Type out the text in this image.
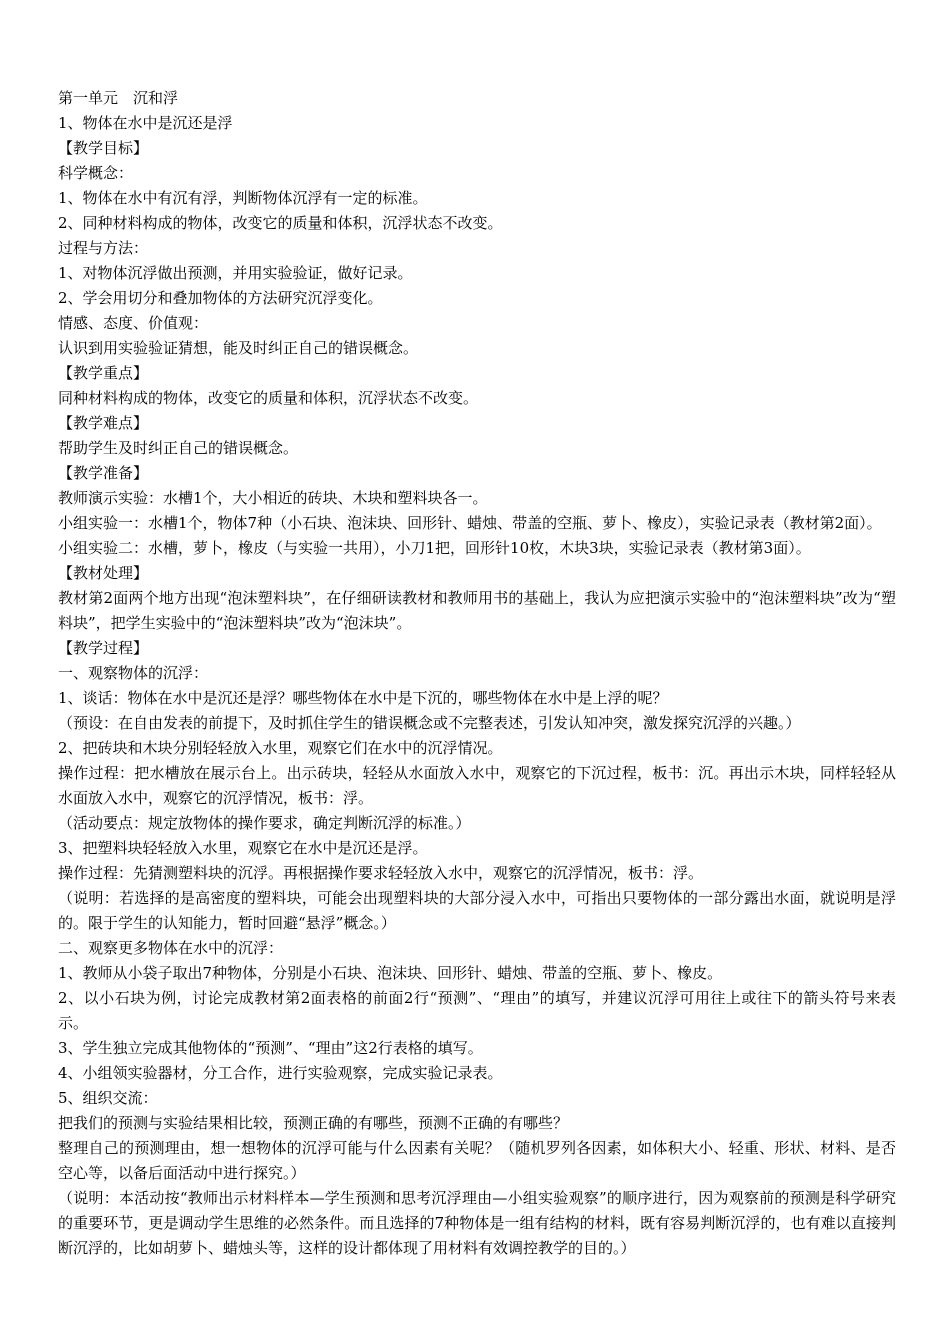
第一单元　沉和浮
1、物体在水中是沉还是浮
【教学目标】
科学概念：
1、物体在水中有沉有浮，判断物体沉浮有一定的标准。
2、同种材料构成的物体，改变它的质量和体积，沉浮状态不改变。
过程与方法：
1、对物体沉浮做出预测，并用实验验证，做好记录。
2、学会用切分和叠加物体的方法研究沉浮变化。
情感、态度、价值观：
认识到用实验验证猜想，能及时纠正自己的错误概念。
【教学重点】
同种材料构成的物体，改变它的质量和体积，沉浮状态不改变。
【教学难点】
帮助学生及时纠正自己的错误概念。
【教学准备】
教师演示实验：水槽1个，大小相近的砖块、木块和塑料块各一。
小组实验一：水槽1个，物体7种（小石块、泡沫块、回形针、蜡烛、带盖的空瓶、萝卜、橡皮），实验记录表（教材第2面）。
小组实验二：水槽，萝卜，橡皮（与实验一共用），小刀1把，回形针10枚，木块3块，实验记录表（教材第3面）。
【教材处理】
教材第2面两个地方出现“泡沫塑料块”，在仔细研读教材和教师用书的基础上，我认为应把演示实验中的“泡沫塑料块”改为“塑料块”，把学生实验中的“泡沫塑料块”改为“泡沫块”。
【教学过程】
一、观察物体的沉浮：
1、谈话：物体在水中是沉还是浮？哪些物体在水中是下沉的，哪些物体在水中是上浮的呢？
（预设：在自由发表的前提下，及时抓住学生的错误概念或不完整表述，引发认知冲突，激发探究沉浮的兴趣。）
2、把砖块和木块分别轻轻放入水里，观察它们在水中的沉浮情况。
操作过程：把水槽放在展示台上。出示砖块，轻轻从水面放入水中，观察它的下沉过程，板书：沉。再出示木块，同样轻轻从水面放入水中，观察它的沉浮情况，板书：浮。
（活动要点：规定放物体的操作要求，确定判断沉浮的标准。）
3、把塑料块轻轻放入水里，观察它在水中是沉还是浮。
操作过程：先猜测塑料块的沉浮。再根据操作要求轻轻放入水中，观察它的沉浮情况，板书：浮。
（说明：若选择的是高密度的塑料块，可能会出现塑料块的大部分浸入水中，可指出只要物体的一部分露出水面，就说明是浮的。限于学生的认知能力，暂时回避“悬浮”概念。）
二、观察更多物体在水中的沉浮：
1、教师从小袋子取出7种物体，分别是小石块、泡沫块、回形针、蜡烛、带盖的空瓶、萝卜、橡皮。
2、以小石块为例，讨论完成教材第2面表格的前面2行“预测”、“理由”的填写，并建议沉浮可用往上或往下的箭头符号来表示。
3、学生独立完成其他物体的“预测”、“理由”这2行表格的填写。
4、小组领实验器材，分工合作，进行实验观察，完成实验记录表。
5、组织交流：
把我们的预测与实验结果相比较，预测正确的有哪些，预测不正确的有哪些？
整理自己的预测理由，想一想物体的沉浮可能与什么因素有关呢？（随机罗列各因素，如体积大小、轻重、形状、材料、是否空心等，以备后面活动中进行探究。）
（说明：本活动按“教师出示材料样本—学生预测和思考沉浮理由—小组实验观察”的顺序进行，因为观察前的预测是科学研究的重要环节，更是调动学生思维的必然条件。而且选择的7种物体是一组有结构的材料，既有容易判断沉浮的，也有难以直接判断沉浮的，比如胡萝卜、蜡烛头等，这样的设计都体现了用材料有效调控教学的目的。）
